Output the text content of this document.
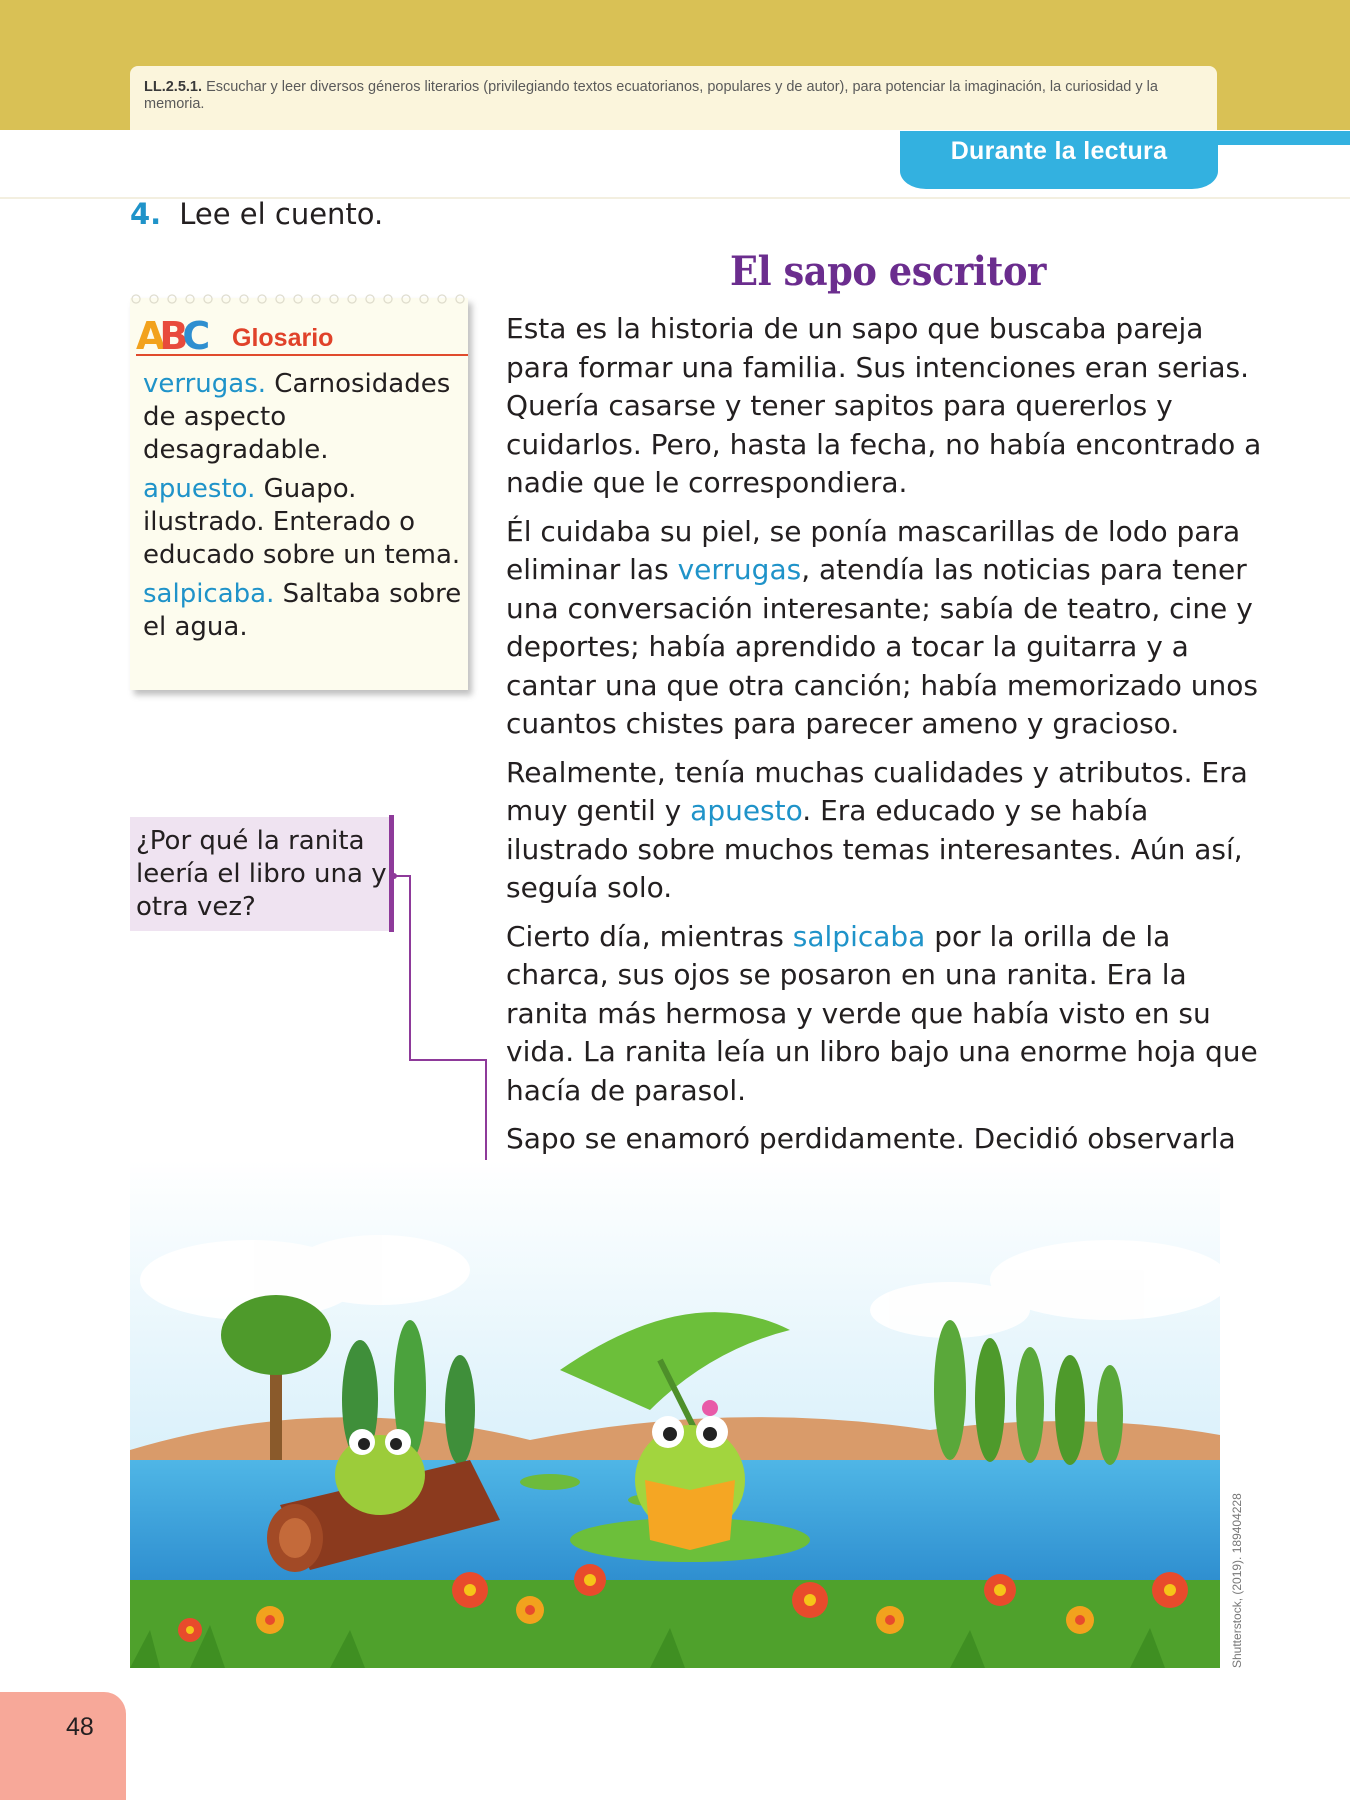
LL.2.5.1. Escuchar y leer diversos géneros literarios (privilegiando textos ecuatorianos, populares y de autor), para potenciar la imaginación, la curiosidad y la memoria.
Durante la lectura
4. Lee el cuento.
El sapo escritor
ABC Glosario
verrugas. Carnosidades de aspecto desagradable.
apuesto. Guapo.
ilustrado. Enterado o educado sobre un tema.
salpicaba. Saltaba sobre el agua.
¿Por qué la ranita leería el libro una y otra vez?

Esta es la historia de un sapo que buscaba pareja para formar una familia. Sus intenciones eran serias. Quería casarse y tener sapitos para quererlos y cuidarlos. Pero, hasta la fecha, no había encontrado a nadie que le correspondiera.

Él cuidaba su piel, se ponía mascarillas de lodo para eliminar las verrugas, atendía las noticias para tener una conversación interesante; sabía de teatro, cine y deportes; había aprendido a tocar la guitarra y a cantar una que otra canción; había memorizado unos cuantos chistes para parecer ameno y gracioso.

Realmente, tenía muchas cualidades y atributos. Era muy gentil y apuesto. Era educado y se había ilustrado sobre muchos temas interesantes. Aún así, seguía solo.

Cierto día, mientras salpicaba por la orilla de la charca, sus ojos se posaron en una ranita. Era la ranita más hermosa y verde que había visto en su vida. La ranita leía un libro bajo una enorme hoja que hacía de parasol.

Sapo se enamoró perdidamente. Decidió observarla

Shutterstock, (2019). 189404228
48
